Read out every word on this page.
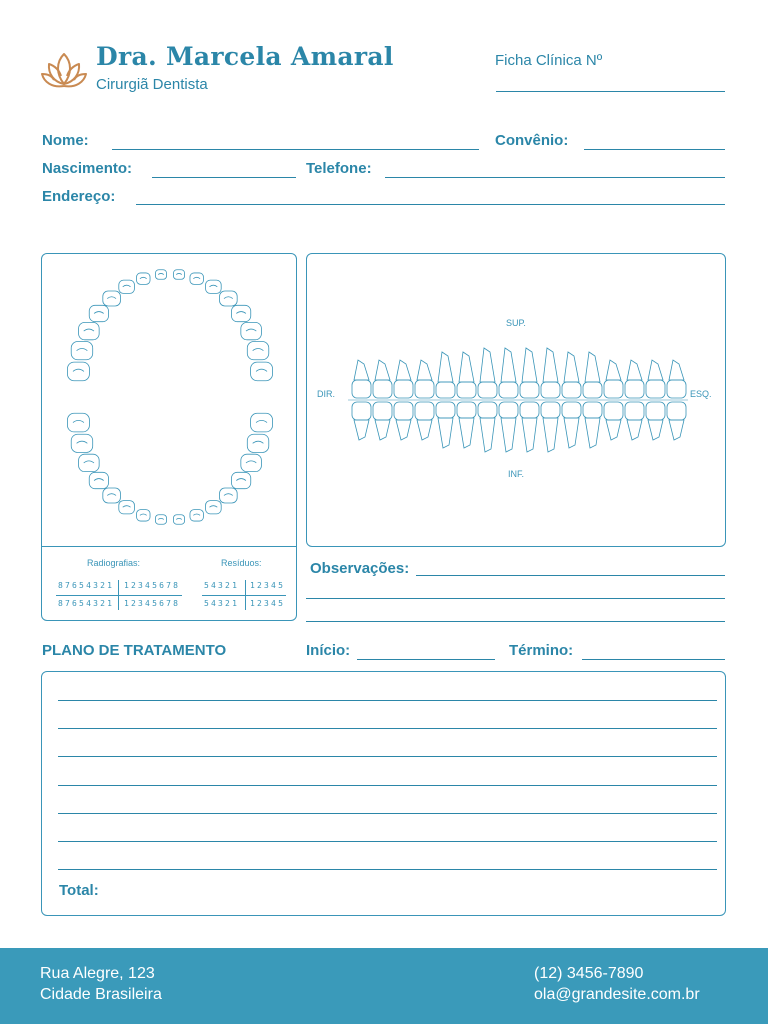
Dra. Marcela Amaral
Cirurgiã Dentista
Ficha Clínica Nº
Nome:	Convênio:
Nascimento:	Telefone:
Endereço:
Radiografias:	Resíduos:
87654321 12345678
87654321 12345678
54321 12345
54321 12345
SUP.
INF.
DIR.	ESQ.
Observações:
PLANO DE TRATAMENTO	Início:	Término:
Total:
Rua Alegre, 123
Cidade Brasileira
(12) 3456-7890
ola@grandesite.com.br
